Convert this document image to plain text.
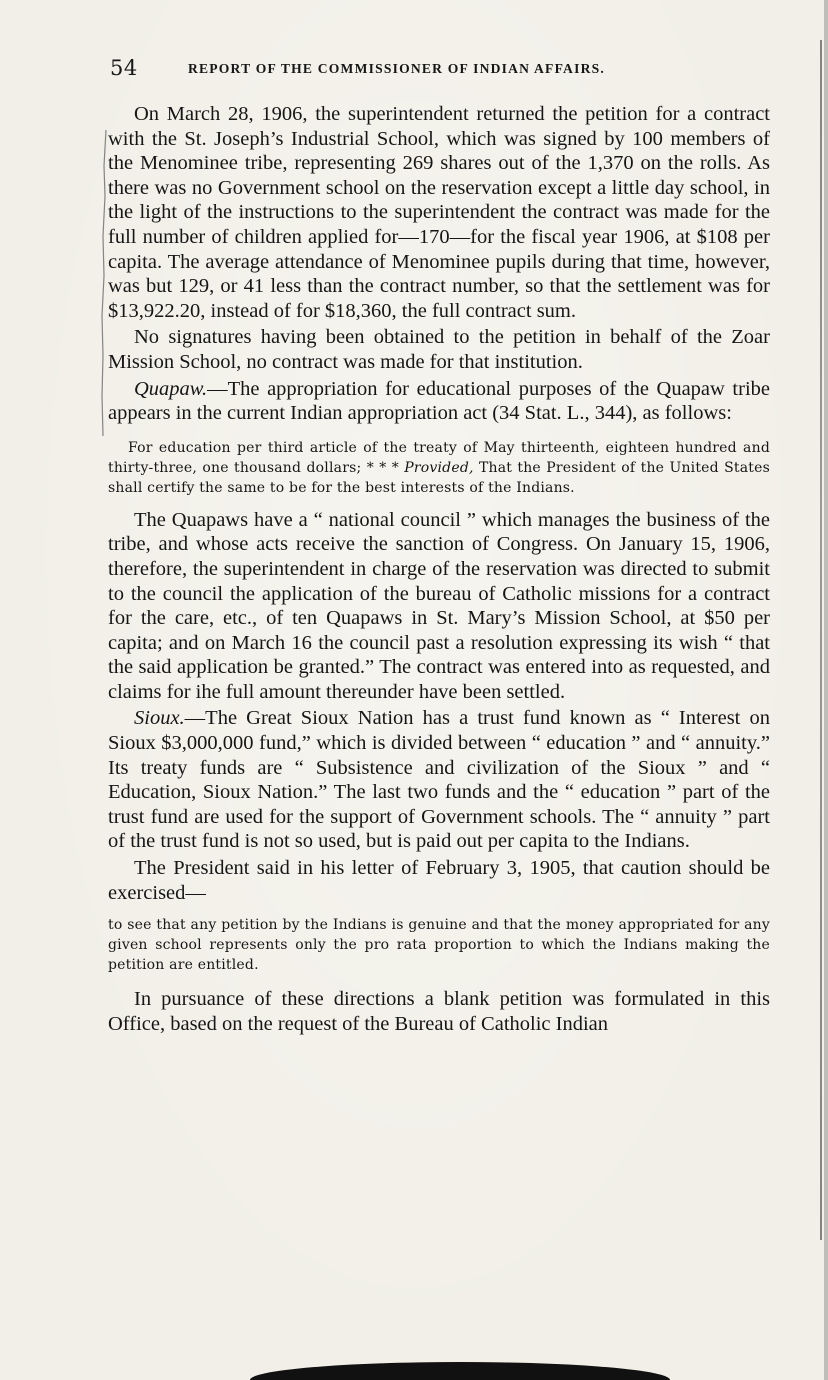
54	REPORT OF THE COMMISSIONER OF INDIAN AFFAIRS.

On March 28, 1906, the superintendent returned the petition for a contract with the St. Joseph’s Industrial School, which was signed by 100 members of the Menominee tribe, representing 269 shares out of the 1,370 on the rolls. As there was no Government school on the reservation except a little day school, in the light of the instructions to the superintendent the contract was made for the full number of children applied for—170—for the fiscal year 1906, at $108 per capita. The average attendance of Menominee pupils during that time, however, was but 129, or 41 less than the contract number, so that the settlement was for $13,922.20, instead of for $18,360, the full contract sum.

No signatures having been obtained to the petition in behalf of the Zoar Mission School, no contract was made for that institution.

Quapaw.—The appropriation for educational purposes of the Quapaw tribe appears in the current Indian appropriation act (34 Stat. L., 344), as follows:

For education per third article of the treaty of May thirteenth, eighteen hundred and thirty-three, one thousand dollars; * * * Provided, That the President of the United States shall certify the same to be for the best interests of the Indians.

The Quapaws have a “ national council ” which manages the business of the tribe, and whose acts receive the sanction of Congress. On January 15, 1906, therefore, the superintendent in charge of the reservation was directed to submit to the council the application of the bureau of Catholic missions for a contract for the care, etc., of ten Quapaws in St. Mary’s Mission School, at $50 per capita; and on March 16 the council past a resolution expressing its wish “ that the said application be granted.” The contract was entered into as requested, and claims for ihe full amount thereunder have been settled.

Sioux.—The Great Sioux Nation has a trust fund known as “ Interest on Sioux $3,000,000 fund,” which is divided between “ education ” and “ annuity.” Its treaty funds are “ Subsistence and civilization of the Sioux ” and “ Education, Sioux Nation.” The last two funds and the “ education ” part of the trust fund are used for the support of Government schools. The “ annuity ” part of the trust fund is not so used, but is paid out per capita to the Indians.

The President said in his letter of February 3, 1905, that caution should be exercised—

to see that any petition by the Indians is genuine and that the money appropriated for any given school represents only the pro rata proportion to which the Indians making the petition are entitled.

In pursuance of these directions a blank petition was formulated in this Office, based on the request of the Bureau of Catholic Indian
